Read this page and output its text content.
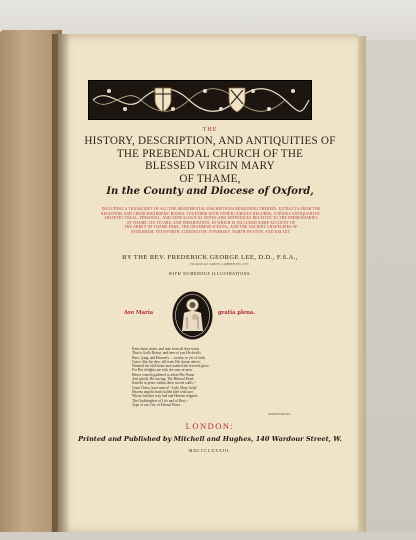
THE
HISTORY, DESCRIPTION, AND ANTIQUITIES OF
THE PREBENDAL CHURCH OF THE
BLESSED VIRGIN MARY
OF THAME,
In the County and Diocese of Oxford,
INCLUDING A TRANSCRIPT OF ALL THE MONUMENTAL INSCRIPTIONS REMAINING THEREIN, EXTRACTS FROM THE
REGISTERS AND CHURCHWARDENS' BOOKS, TOGETHER WITH OTHER CURIOUS RECORDS, COPIOUS ANTIQUARIAN,
ARCHITECTURAL, PERSONAL, AND GENEALOGICAL NOTES AND APPENDICES RELATIVE TO THE PREBENDARIES
OF THAME, ITS VICARS, AND INHABITANTS; IN WHICH IS INCLUDED SOME ACCOUNT OF
THE ABBEY OF THAME PARK, THE GRAMMAR SCHOOL, AND THE ANCIENT CHAPELRIES OF
SYDENHAM, TETSWORTH, TIDDINGTON, TOWERSEY, NORTH WESTON, AND KELLET.
BY THE REV. FREDERICK GEORGE LEE, D.D., F.S.A.,
VICAR OF ALL SAINTS', LAMBETH, ETC., ETC.
WITH NUMEROUS ILLUSTRATIONS.
Ave Maria	gratia plena.
Enter these aisles, and note from all they teach
That is God's House, and here of you He dwells.
Here, lying, and Heaven's ... wrathe, to yet of faith,
Grace, like the dew, fell from His throne above;
Watered the chill heart and soothed the feverish glow;
For Her delights are with the sons of men.
Hence cometh gathered to adore Her Name
And glorify His having. The Blessed Dead
Kneelst in peace within these sacred walls;--
Great Christ, have mercy!--Lady Mary, help!
Heaven angelic hosts hailed thee with awe,
Whose fuerther way had and Heaven reigned,
The Goddaughter of Life and of Rest,--
Type of our City of Eternal Peace.
ANONYMOUS.
LONDON:
Printed and Published by Mitchell and Hughes, 140 Wardour Street, W.
MDCCCLXXXIII.
